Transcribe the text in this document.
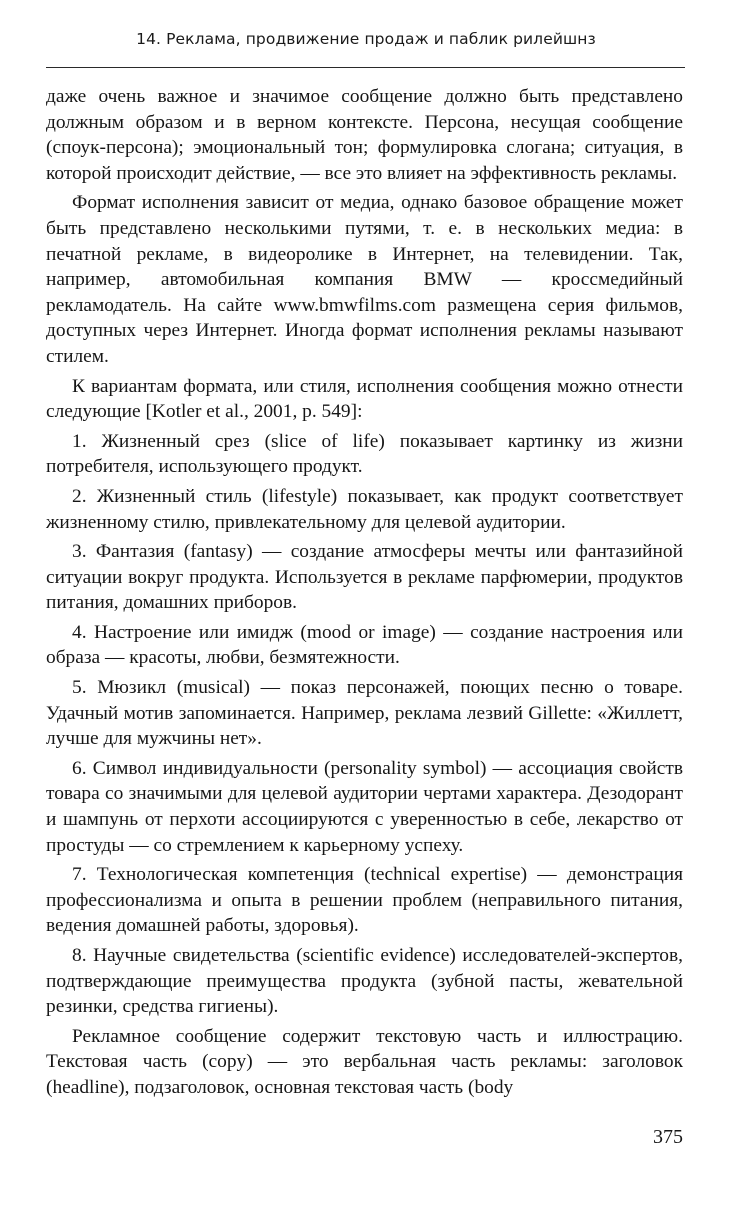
14. Реклама, продвижение продаж и паблик рилейшнз

даже очень важное и значимое сообщение должно быть представлено должным образом и в верном контексте. Персона, несущая сообщение (споук-персона); эмоциональный тон; формулировка слогана; ситуация, в которой происходит действие, — все это влияет на эффективность рекламы.

Формат исполнения зависит от медиа, однако базовое обращение может быть представлено несколькими путями, т. е. в нескольких медиа: в печатной рекламе, в видеоролике в Интернет, на телевидении. Так, например, автомобильная компания BMW — кроссмедийный рекламодатель. На сайте www.bmwfilms.com размещена серия фильмов, доступных через Интернет. Иногда формат исполнения рекламы называют стилем.

К вариантам формата, или стиля, исполнения сообщения можно отнести следующие [Kotler et al., 2001, p. 549]:

1. Жизненный срез (slice of life) показывает картинку из жизни потребителя, использующего продукт.

2. Жизненный стиль (lifestyle) показывает, как продукт соответствует жизненному стилю, привлекательному для целевой аудитории.

3. Фантазия (fantasy) — создание атмосферы мечты или фантазийной ситуации вокруг продукта. Используется в рекламе парфюмерии, продуктов питания, домашних приборов.

4. Настроение или имидж (mood or image) — создание настроения или образа — красоты, любви, безмятежности.

5. Мюзикл (musical) — показ персонажей, поющих песню о товаре. Удачный мотив запоминается. Например, реклама лезвий Gillette: «Жиллетт, лучше для мужчины нет».

6. Символ индивидуальности (personality symbol) — ассоциация свойств товара со значимыми для целевой аудитории чертами характера. Дезодорант и шампунь от перхоти ассоциируются с уверенностью в себе, лекарство от простуды — со стремлением к карьерному успеху.

7. Технологическая компетенция (technical expertise) — демонстрация профессионализма и опыта в решении проблем (неправильного питания, ведения домашней работы, здоровья).

8. Научные свидетельства (scientific evidence) исследователей-экспертов, подтверждающие преимущества продукта (зубной пасты, жевательной резинки, средства гигиены).

Рекламное сообщение содержит текстовую часть и иллюстрацию. Текстовая часть (copy) — это вербальная часть рекламы: заголовок (headline), подзаголовок, основная текстовая часть (body

375
